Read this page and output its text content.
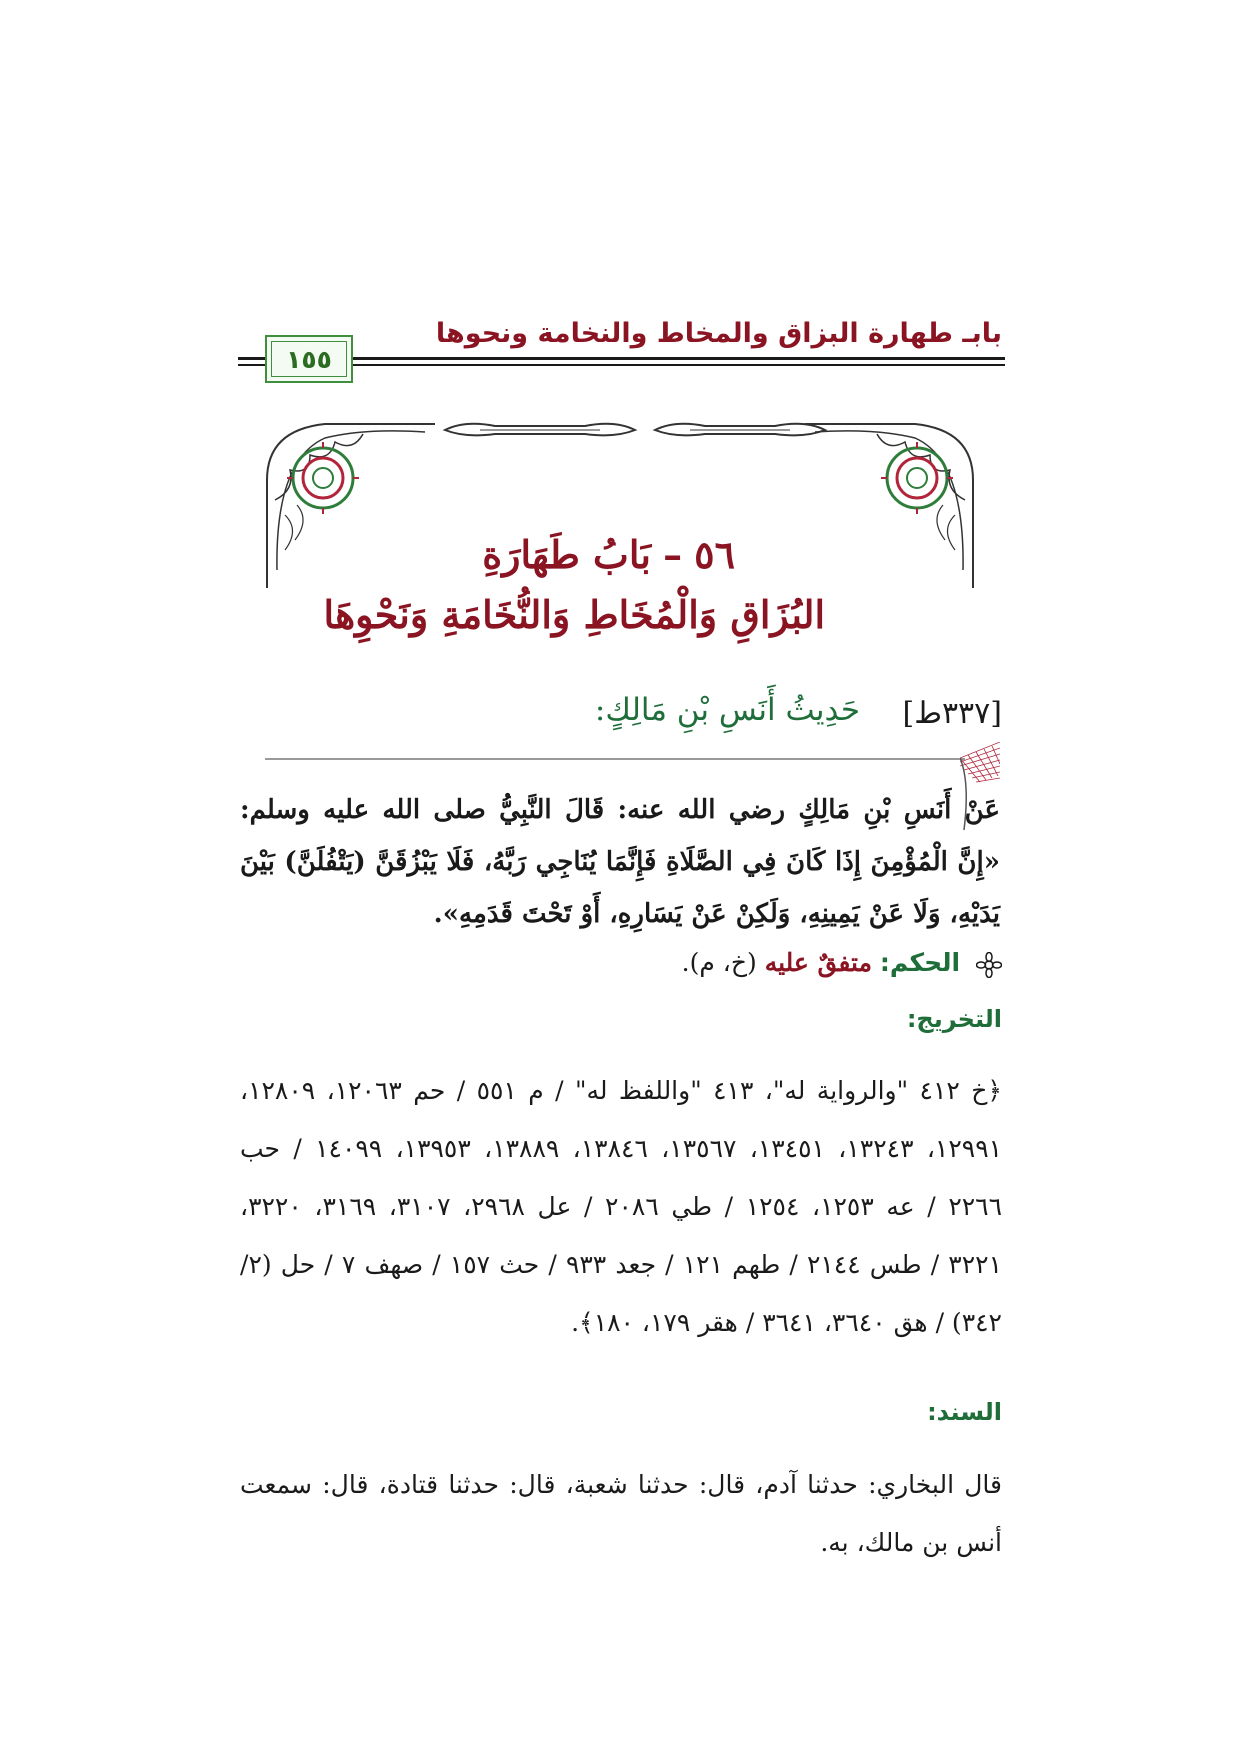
بابـ طهارة البزاق والمخاط والنخامة ونحوها
١٥٥
٥٦ – بَابُ طَهَارَةِ
البُزَاقِ وَالْمُخَاطِ وَالنُّخَامَةِ وَنَحْوِهَا
[٣٣٧ط]
حَدِيثُ أَنَسِ بْنِ مَالِكٍ:
عَنْ أَنَسِ بْنِ مَالِكٍ رضي الله عنه: قَالَ النَّبِيُّ صلى الله عليه وسلم: «إِنَّ الْمُؤْمِنَ إِذَا كَانَ فِي الصَّلَاةِ فَإِنَّمَا يُنَاجِي رَبَّهُ، فَلَا يَبْزُقَنَّ (يَتْفُلَنَّ) بَيْنَ يَدَيْهِ، وَلَا عَنْ يَمِينِهِ، وَلَكِنْ عَنْ يَسَارِهِ، أَوْ تَحْتَ قَدَمِهِ».
الحكم: متفقٌ عليه (خ، م).
التخريج:
﴿خ ٤١٢ "والرواية له"، ٤١٣ "واللفظ له" / م ٥٥١ / حم ١٢٠٦٣، ١٢٨٠٩، ١٢٩٩١، ١٣٢٤٣، ١٣٤٥١، ١٣٥٦٧، ١٣٨٤٦، ١٣٨٨٩، ١٣٩٥٣، ١٤٠٩٩ / حب ٢٢٦٦ / عه ١٢٥٣، ١٢٥٤ / طي ٢٠٨٦ / عل ٢٩٦٨، ٣١٠٧، ٣١٦٩، ٣٢٢٠، ٣٢٢١ / طس ٢١٤٤ / طهم ١٢١ / جعد ٩٣٣ / حث ١٥٧ / صهف ٧ / حل (٢/ ٣٤٢) / هق ٣٦٤٠، ٣٦٤١ / هقر ١٧٩، ١٨٠﴾.
السند:
قال البخاري: حدثنا آدم، قال: حدثنا شعبة، قال: حدثنا قتادة، قال: سمعت أنس بن مالك، به.
